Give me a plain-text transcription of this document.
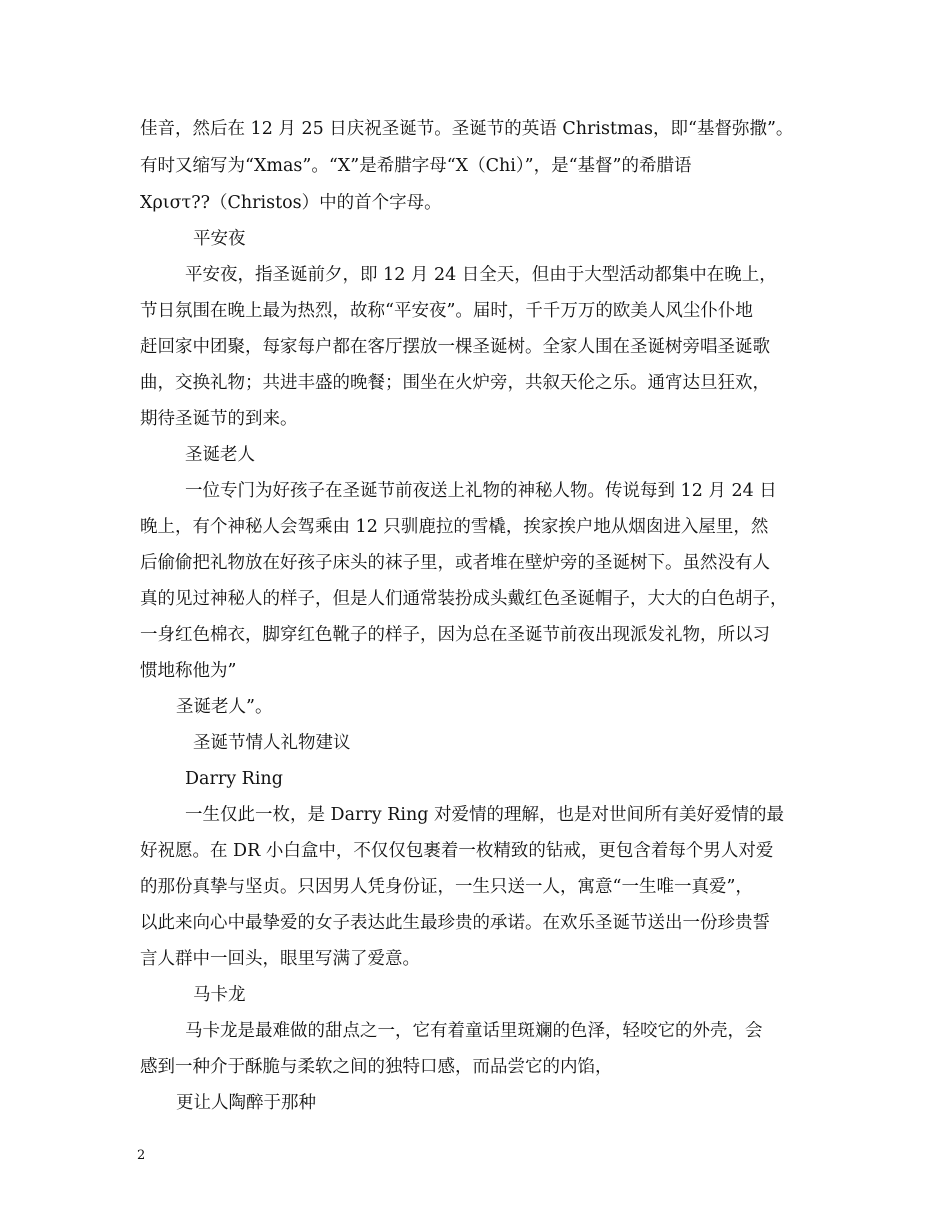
佳音，然后在 12 月 25 日庆祝圣诞节。圣诞节的英语 Christmas，即“基督弥撒”。
有时又缩写为“Xmas”。“X”是希腊字母“Χ（Chi）”，是“基督”的希腊语
Χριστ??（Christos）中的首个字母。
平安夜
平安夜，指圣诞前夕，即 12 月 24 日全天，但由于大型活动都集中在晚上，
节日氛围在晚上最为热烈，故称“平安夜”。届时，千千万万的欧美人风尘仆仆地
赶回家中团聚，每家每户都在客厅摆放一棵圣诞树。全家人围在圣诞树旁唱圣诞歌
曲，交换礼物；共进丰盛的晚餐；围坐在火炉旁，共叙天伦之乐。通宵达旦狂欢，
期待圣诞节的到来。
圣诞老人
一位专门为好孩子在圣诞节前夜送上礼物的神秘人物。传说每到 12 月 24 日
晚上，有个神秘人会驾乘由 12 只驯鹿拉的雪橇，挨家挨户地从烟囱进入屋里，然
后偷偷把礼物放在好孩子床头的袜子里，或者堆在壁炉旁的圣诞树下。虽然没有人
真的见过神秘人的样子，但是人们通常装扮成头戴红色圣诞帽子，大大的白色胡子，
一身红色棉衣，脚穿红色靴子的样子，因为总在圣诞节前夜出现派发礼物，所以习
惯地称他为”
圣诞老人”。
圣诞节情人礼物建议
Darry Ring
一生仅此一枚，是 Darry Ring 对爱情的理解，也是对世间所有美好爱情的最
好祝愿。在 DR 小白盒中，不仅仅包裹着一枚精致的钻戒，更包含着每个男人对爱
的那份真挚与坚贞。只因男人凭身份证，一生只送一人，寓意“一生唯一真爱”，
以此来向心中最挚爱的女子表达此生最珍贵的承诺。在欢乐圣诞节送出一份珍贵誓
言人群中一回头，眼里写满了爱意。
马卡龙
马卡龙是最难做的甜点之一，它有着童话里斑斓的色泽，轻咬它的外壳，会
感到一种介于酥脆与柔软之间的独特口感，而品尝它的内馅，
更让人陶醉于那种
2
